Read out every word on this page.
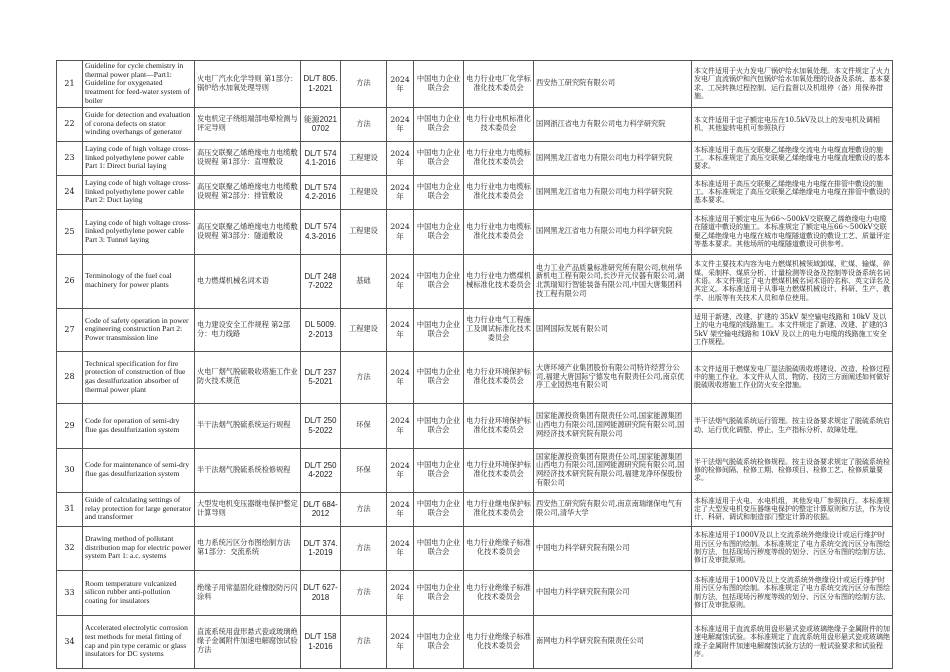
21	Guideline for cycle chemistry in thermal power plant—Part1: Guideline for oxygenated treatment for feed-water system of boiler	火电厂汽水化学导则 第1部分：锅炉给水加氧处理导则	DL/T 805.1-2021	方法	2024年	中国电力企业联合会	电力行业电厂化学标准化技术委员会	西安热工研究院有限公司	本文件适用于火力发电厂锅炉给水加氧处理。本文件规定了火力发电厂直流锅炉和汽包锅炉给水加氧处理的设备及系统、基本要求、工况转换过程控制、运行监督以及机组停（备）用保养措施。
22	Guide for detection and evaluation of corona defects on stator winding overhangs of generator	发电机定子绕组端部电晕检测与评定导则	能源20210702	方法	2024年	中国电力企业联合会	电力行业电机标准化技术委员会	国网浙江省电力有限公司电力科学研究院	本文件适用于定子额定电压在10.5kV及以上的发电机及调相机，其他旋转电机可参照执行
23	Laying code of high voltage cross-linked polyethylene power cable Part 1: Direct burial laying	高压交联聚乙烯绝缘电力电缆敷设规程 第1部分：直埋敷设	DL/T 5744.1-2016	工程建设	2024年	中国电力企业联合会	电力行业电力电缆标准化技术委员会	国网黑龙江省电力有限公司电力科学研究院	本标准适用于高压交联聚乙烯绝缘交流电力电缆直埋敷设的施工。本标准规定了高压交联聚乙烯绝缘电力电缆直埋敷设的基本要求。
24	Laying code of high voltage cross-linked polyethylene power cable Part 2: Duct laying	高压交联聚乙烯绝缘电力电缆敷设规程 第2部分：排管敷设	DL/T 5744.2-2016	工程建设	2024年	中国电力企业联合会	电力行业电力电缆标准化技术委员会	国网黑龙江省电力有限公司电力科学研究院	本标准适用于高压交联聚乙烯绝缘电力电缆在排管中敷设的施工。本标准规定了高压交联聚乙烯绝缘电力电缆在排管中敷设的基本要求。
25	Laying code of high voltage cross-linked polyethylene power cable Part 3: Tunnel laying	高压交联聚乙烯绝缘电力电缆敷设规程 第3部分：隧道敷设	DL/T 5744.3-2016	工程建设	2024年	中国电力企业联合会	电力行业电力电缆标准化技术委员会	国网黑龙江省电力有限公司电力科学研究院	本标准适用于额定电压为66～500kV交联聚乙烯绝缘电力电缆在隧道中敷设的施工。本标准规定了额定电压66～500kV交联聚乙烯绝缘电力电缆在城市电缆隧道敷设的敷设工艺、质量评定等基本要求。其他场所的电缆隧道敷设可供参考。
26	Terminology of the fuel coal machinery for power plants	电力燃煤机械名词术语	DL/T 2487-2022	基础	2024年	中国电力企业联合会	电力行业电力燃煤机械标准化技术委员会	电力工业产品质量标准研究所有限公司,杭州华新机电工程有限公司,长沙开元仪器有限公司,湖北凯瑞知行智能装备有限公司,中国大唐集团科技工程有限公司	本文件主要技术内容为电力燃煤机械领域卸煤、贮煤、输煤、碎煤、采制样、煤质分析、计量检测等设备及控制等设备系统名词术语。本文件规定了电力燃煤机械名词术语的名称、英文译名及其定义。本标准适用于从事电力燃煤机械设计、科研、生产、教学、出版等有关技术人员和单位使用。
27	Code of safety operation in power engineering construction Part 2: Power transmission line	电力建设安全工作规程 第2部分：电力线路	DL 5009.2-2013	工程建设	2024年	中国电力企业联合会	电力行业电气工程施工及调试标准化技术委员会	国网国际发展有限公司	适用于新建、改建、扩建的 35kV 架空输电线路和 10kV 及以上的电力电缆的线路施工。本文件规定了新建、改建、扩建的35kV 架空输电线路和 10kV 及以上的电力电缆的线路施工安全工作规程。
28	Technical specification for fire protection of construction of flue gas desulfurization absorber of thermal power plant	火电厂烟气脱硫吸收塔施工作业防火技术规范	DL/T 2375-2021	方法	2024年	中国电力企业联合会	电力行业环境保护标准化技术委员会	大唐环境产业集团股份有限公司特许经营分公司,福建大唐国际宁德发电有限责任公司,南京优序工业园热电有限公司	本文件适用于燃煤发电厂湿法脱硫吸收塔建设、改造、检修过程中的施工作业。本文件从人员、物防、技防三方面阐述如何做好脱硫吸收塔施工作业防火安全措施。
29	Code for operation of semi-dry flue gas desulfurization system	半干法烟气脱硫系统运行规程	DL/T 2505-2022	环保	2024年	中国电力企业联合会	电力行业环境保护标准化技术委员会	国家能源投资集团有限责任公司,国家能源集团山西电力有限公司,国网能源研究院有限公司,国网经济技术研究院有限公司	半干法烟气脱硫系统运行管理。按主设备要求规定了脱硫系统启动、运行优化调整、停止、生产指标分析、故障处理。
30	Code for maintenance of semi-dry flue gas desulfurization system	半干法烟气脱硫系统检修规程	DL/T 2504-2022	环保	2024年	中国电力企业联合会	电力行业环境保护标准化技术委员会	国家能源投资集团有限责任公司,国家能源集团山西电力有限公司,国网能源研究院有限公司,国网经济技术研究院有限公司,福建龙净环保股份有限公司	半干法烟气脱硫系统检修规程。按主设备要求规定了脱硫系统检修的检修间隔、检修工期、检修项目、检修工艺、检修质量要求。
31	Guide of calculating settings of relay protection for large generator and transformer	大型发电机变压器继电保护整定计算导则	DL/T 684-2012	方法	2024年	中国电力企业联合会	电力行业继电保护标准化技术委员会	西安热工研究院有限公司,南京南瑞继保电气有限公司,清华大学	本标准适用于火电、水电机组，其他发电厂参照执行。本标准规定了大型发电机变压器继电保护的整定计算原则和方法，作为设计、科研、调试和制造部门整定计算的依据。
32	Drawing method of pollutant distribution map for electric power system Part 1: a.c. systems	电力系统污区分布图绘制方法 第1部分：交流系统	DL/T 374.1-2019	方法	2024年	中国电力企业联合会	电力行业绝缘子标准化技术委员会	中国电力科学研究院有限公司	本标准适用于1000V及以上交流系统外绝缘设计或运行维护时用污区分布图的绘制。本标准规定了电力系统交流污区分布图绘制方法，包括现场污秽度等级的划分、污区分布图的绘制方法、修订及审批原则。
33	Room temperature vulcanized silicon rubber anti-pollution coating for insulators	绝缘子用常温固化硅橡胶防污闪涂料	DL/T 627-2018	方法	2024年	中国电力企业联合会	电力行业绝缘子标准化技术委员会	中国电力科学研究院有限公司	本标准适用于1000V及以上交流系统外绝缘设计或运行维护时用污区分布图的绘制。本标准规定了电力系统交流污区分布图绘制方法，包括现场污秽度等级的划分、污区分布图的绘制方法、修订及审批原则。
34	Accelerated electrolytic corrosion test methods for metal fitting of cap and pin type ceramic or glass insulators for DC systems	直流系统用盘形悬式瓷或玻璃绝缘子金属附件加速电解腐蚀试验方法	DL/T 1581-2016	方法	2024年	中国电力企业联合会	电力行业绝缘子标准化技术委员会	南网电力科学研究院有限责任公司	本标准适用于直流系统用盘形悬式瓷或玻璃绝缘子金属附件的加速电解腐蚀试验。本标准规定了直流系统用盘形悬式瓷或玻璃绝缘子金属附件加速电解腐蚀试验方法的一般试验要求和试验程序。
